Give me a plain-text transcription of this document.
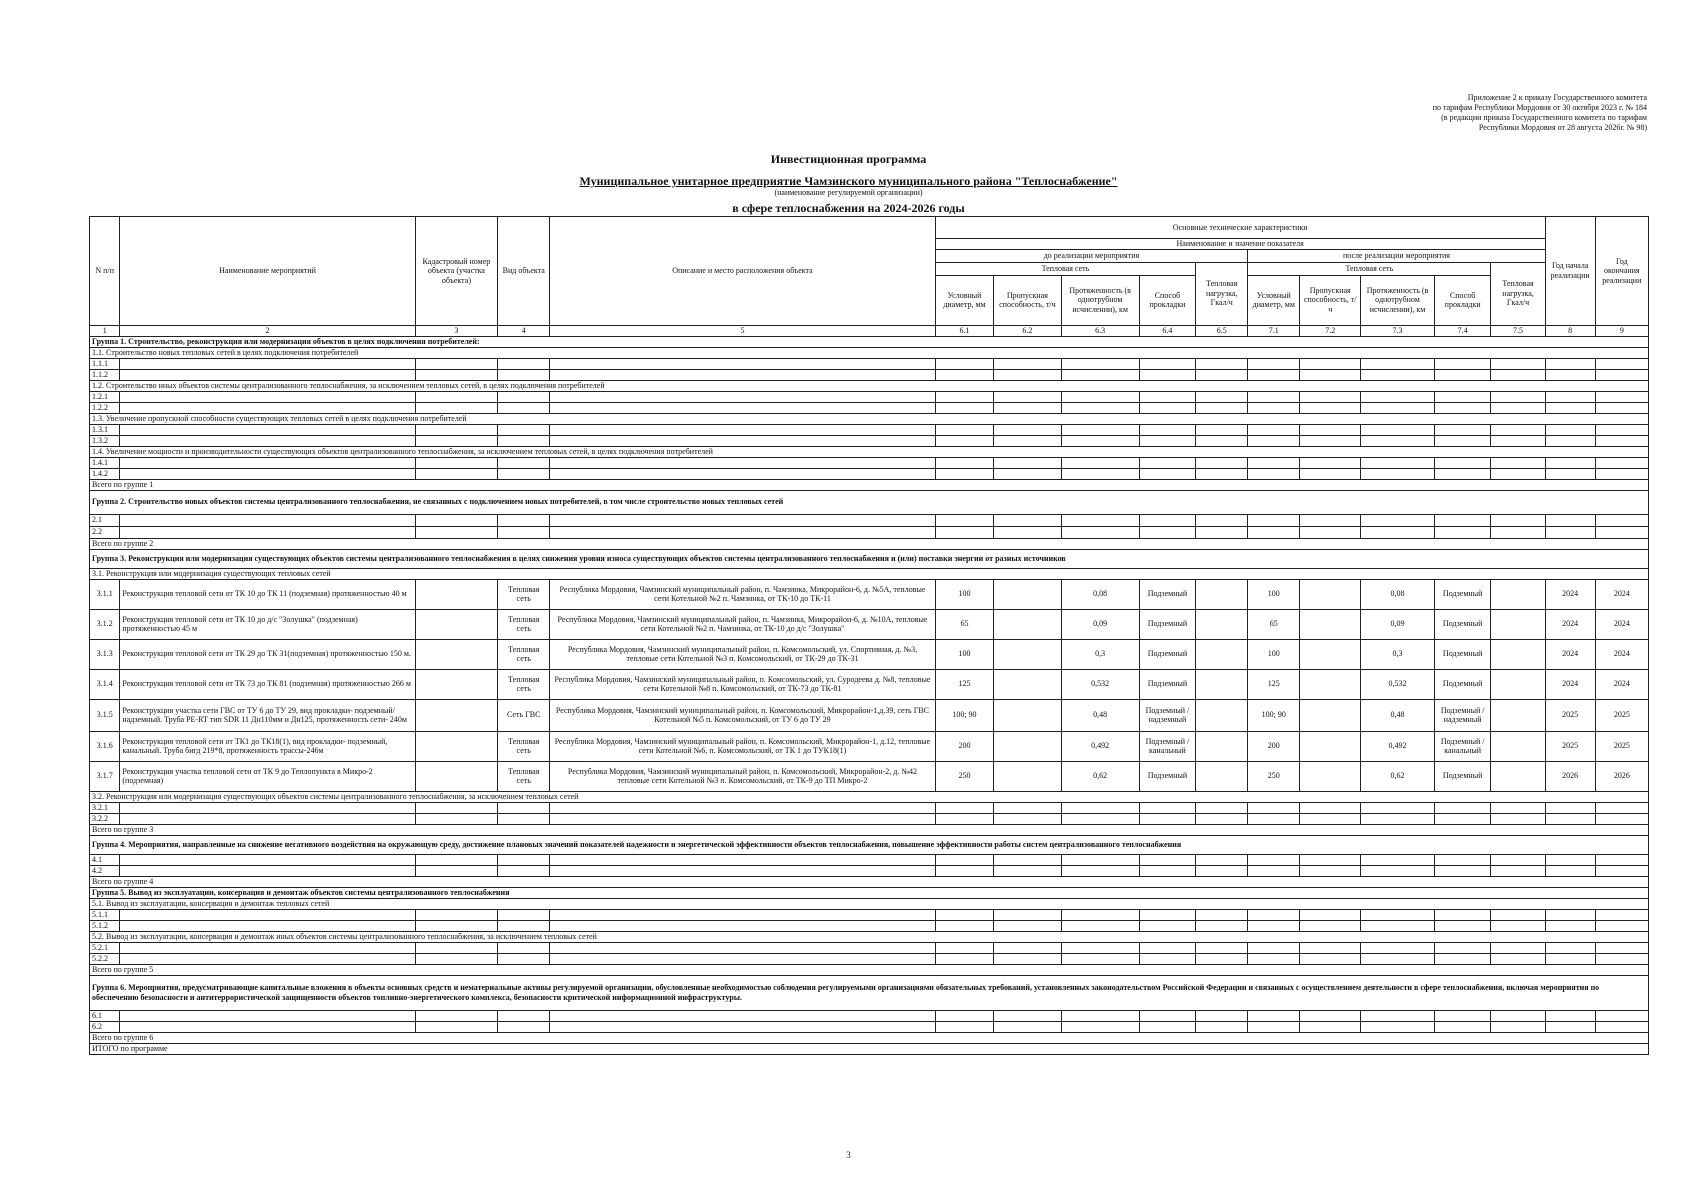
Приложение 2 к приказу Государственного комитета
по тарифам Республики Мордовия от 30 октября 2023 г. № 184
(в редакции приказа Государственного комитета по тарифам
Республики Мордовия от 28 августа 2026г. № 98)
Инвестиционная программа
Муниципальное унитарное предприятие Чамзинского муниципального района "Теплоснабжение"
(наименование регулируемой организации)
в сфере теплоснабжения на 2024-2026 годы
N п/п	Наименование мероприятий	Кадастровый номер объекта (участка объекта)	Вид объекта	Описание и место расположения объекта	Основные технические характеристики										Год начала реализации	Год окончания реализации
					Наименование и значение показателя											
					до реализации мероприятия					после реализации мероприятия						
					Тепловая сеть				Тепловая нагрузка, Гкал/ч	Тепловая сеть				Тепловая нагрузка, Гкал/ч		
					Условный диаметр, мм	Пропускная способность, т/ч	Протяженность (в однотрубном исчислении), км	Способ прокладки		Условный диаметр, мм	Пропускная способность, т/ч	Протяженность (в однотрубном исчислении), км	Способ прокладки			

1	2	3	4	5	6.1	6.2	6.3	6.4	6.5	7.1	7.2	7.3	7.4	7.5	8	9
Группа 1. Строительство, реконструкция или модернизация объектов в целях подключения потребителей:																
1.1. Строительство новых тепловых сетей в целях подключения потребителей																
1.1.1																
1.1.2																
1.2. Строительство иных объектов системы централизованного теплоснабжения, за исключением тепловых сетей, в целях подключения потребителей																
1.2.1																
1.2.2																
1.3. Увеличение пропускной способности существующих тепловых сетей в целях подключения потребителей																
1.3.1																
1.3.2																
1.4. Увеличение мощности и производительности существующих объектов централизованного теплоснабжения, за исключением тепловых сетей, в целях подключения потребителей																
1.4.1																
1.4.2																
Всего по группе 1																
Группа 2. Строительство новых объектов системы централизованного теплоснабжения, не связанных с подключением новых потребителей, в том числе строительство новых тепловых сетей																
2.1																
2.2																
Всего по группе 2																
Группа 3. Реконструкция или модернизация существующих объектов системы централизованного теплоснабжения в целях снижения уровня износа существующих объектов системы централизованного теплоснабжения и (или) поставки энергии от разных источников																
3.1. Реконструкция или модернизация существующих тепловых сетей																
3.1.1	Реконструкция тепловой сети от ТК 10 до ТК 11 (подземная) протяженностью 40 м		Тепловая сеть	Республика Мордовия, Чамзинский муниципальный район, п. Чамзинка, Микрорайон-6, д. №5А, тепловые сети Котельной №2 п. Чамзинка, от ТК-10 до ТК-11	100		0,08	Подземный		100		0,08	Подземный		2024	2024
3.1.2	Реконструкция тепловой сети от ТК 10 до д/с "Золушка" (подземная) протяженностью 45 м		Тепловая сеть	Республика Мордовия, Чамзинский муниципальный район, п. Чамзинка, Микрорайон-6, д. №10А, тепловые сети Котельной №2 п. Чамзинка, от ТК-10 до д/с "Золушка"	65		0,09	Подземный		65		0,09	Подземный		2024	2024
3.1.3	Реконструкция тепловой сети от ТК 29 до ТК 31(подземная) протяженностью 150 м.		Тепловая сеть	Республика Мордовия, Чамзинский муниципальный район, п. Комсомольский, ул. Спортивная, д. №3, тепловые сети Котельной №3 п. Комсомольский, от ТК-29 до ТК-31	100		0,3	Подземный		100		0,3	Подземный		2024	2024
3.1.4	Реконструкция тепловой сети от ТК 73 до ТК 81 (подземная) протяженностью 266 м		Тепловая сеть	Республика Мордовия, Чамзинский муниципальный район, п. Комсомольский, ул. Суродеева д. №8, тепловые сети Котельной №8 п. Комсомольский, от ТК-73 до ТК-81	125		0,532	Подземный		125		0,532	Подземный		2024	2024
3.1.5	Реконструкция участка сети ГВС от ТУ 6 до ТУ 29, вид прокладки- подземный/надземный. Труба PE-RT тип SDR 11 Дн110мм и Дн125, протяженность сети- 240м		Сеть ГВС	Республика Мордовия, Чамзинский муниципальный район, п. Комсомольский, Микрорайон-1,д.39, сеть ГВС Котельной №5 п. Комсомольский, от ТУ 6 до ТУ 29	100; 90		0,48	Подземный / надземный		100; 90		0,48	Подземный / надземный		2025	2025
3.1.6	Реконструкция тепловой сети от ТК1 до ТК18(1), вид прокладки- подземный, канальный. Труба бигд 219*8, протяженность трассы-246м		Тепловая сеть	Республика Мордовия, Чамзинский муниципальный район, п. Комсомольский, Микрорайон-1, д.12, тепловые сети Котельной №6, п. Комсомольский, от ТК 1 до ТУК18(1)	200		0,492	Подземный / канальный		200		0,492	Подземный / канальный		2025	2025
3.1.7	Реконструкция участка тепловой сети от ТК 9 до Теплопункта в Микро-2 (подземная)		Тепловая сеть	Республика Мордовия, Чамзинский муниципальный район, п. Комсомольский, Микрорайон-2, д. №42 тепловые сети Котельной №3 п. Комсомольский, от ТК-9 до ТП Микро-2	250		0,62	Подземный		250		0,62	Подземный		2026	2026
3.2. Реконструкция или модернизация существующих объектов системы централизованного теплоснабжения, за исключением тепловых сетей																
3.2.1																
3.2.2																
Всего по группе 3																
Группа 4. Мероприятия, направленные на снижение негативного воздействия на окружающую среду, достижение плановых значений показателей надежности и энергетической эффективности объектов теплоснабжения, повышение эффективности работы систем централизованного теплоснабжения																
4.1																
4.2																
Всего по группе 4																
Группа 5. Вывод из эксплуатации, консервация и демонтаж объектов системы централизованного теплоснабжения																
5.1. Вывод из эксплуатации, консервация и демонтаж тепловых сетей																
5.1.1																
5.1.2																
5.2. Вывод из эксплуатации, консервация и демонтаж иных объектов системы централизованного теплоснабжения, за исключением тепловых сетей																
5.2.1																
5.2.2																
Всего по группе 5																
Группа 6. Мероприятия, предусматривающие капитальные вложения в объекты основных средств и нематериальные активы регулируемой организации, обусловленные необходимостью соблюдения регулируемыми организациями обязательных требований, установленных законодательством Российской Федерации и связанных с осуществлением деятельности в сфере теплоснабжения, включая мероприятия по обеспечению безопасности и антитеррористической защищенности объектов топливно-энергетического комплекса, безопасности критической информационной инфраструктуры.																
6.1																
6.2																
Всего по группе 6																
ИТОГО по программе																
3
